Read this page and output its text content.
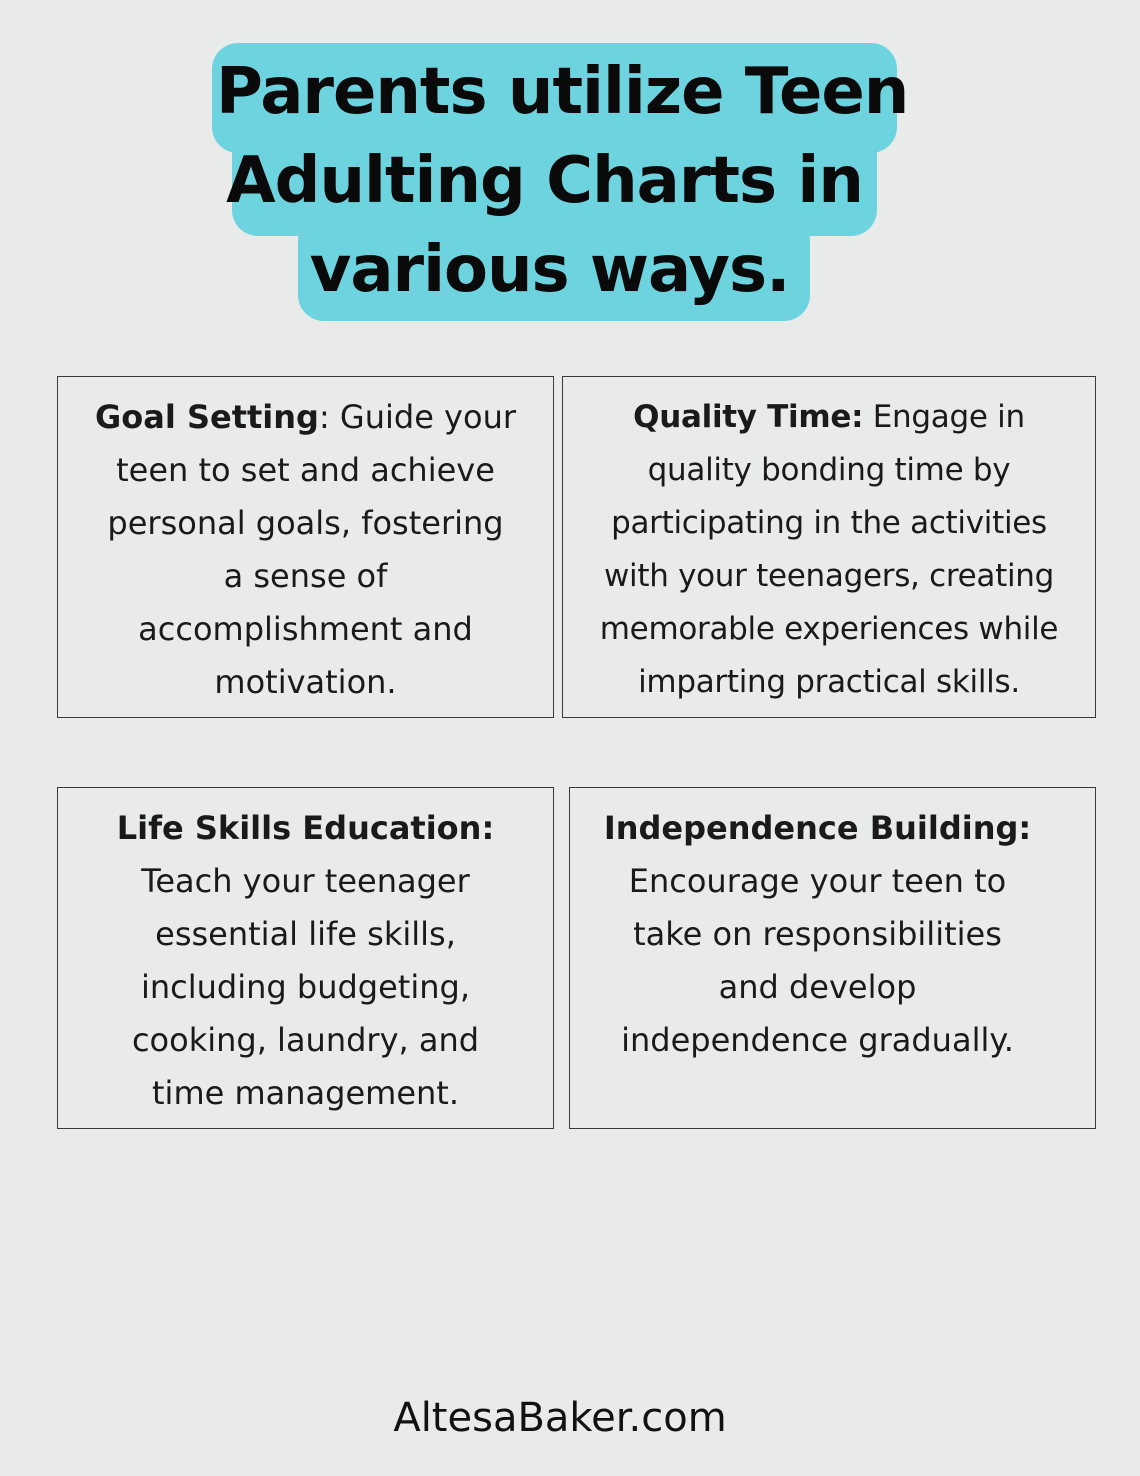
Parents utilize Teen
Adulting Charts in
various ways.
Goal Setting: Guide your
teen to set and achieve
personal goals, fostering
a sense of
accomplishment and
motivation.
Quality Time: Engage in
quality bonding time by
participating in the activities
with your teenagers, creating
memorable experiences while
imparting practical skills.
Life Skills Education:
Teach your teenager
essential life skills,
including budgeting,
cooking, laundry, and
time management.
Independence Building:
Encourage your teen to
take on responsibilities
and develop
independence gradually.
AltesaBaker.com
